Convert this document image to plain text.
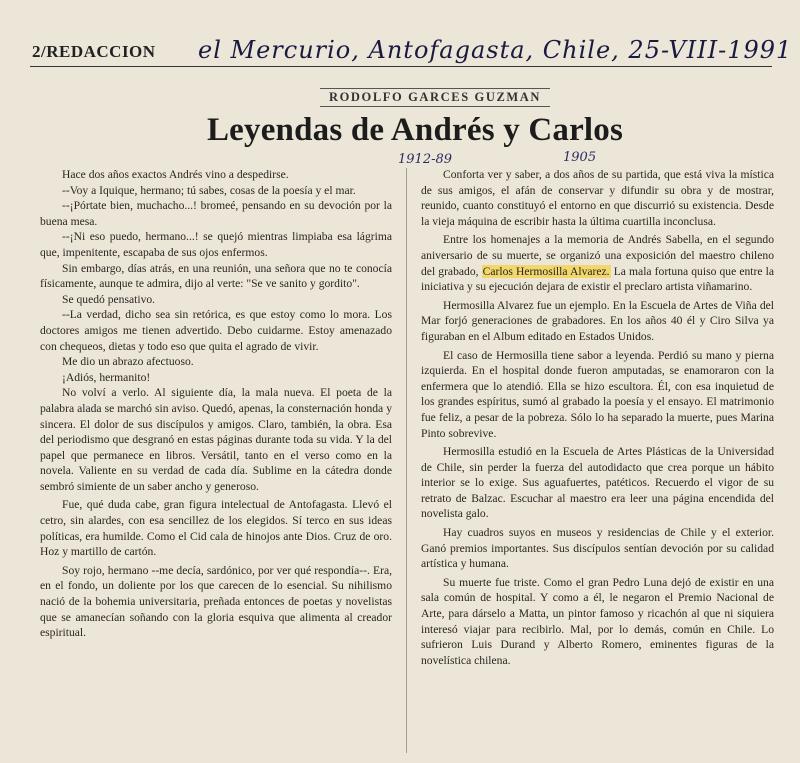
2/REDACCION el Mercurio, Antofagasta, Chile, 25-VIII-1991
RODOLFO GARCES GUZMAN
Leyendas de Andrés y Carlos
1912-89	1905

Hace dos años exactos Andrés vino a despedirse.

--Voy a Iquique, hermano; tú sabes, cosas de la poesía y el mar.

--¡Pórtate bien, muchacho...! bromeé, pensando en su devoción por la buena mesa.

--¡Ni eso puedo, hermano...! se quejó mientras limpiaba esa lágrima que, impenitente, escapaba de sus ojos enfermos.

Sin embargo, días atrás, en una reunión, una señora que no te conocía físicamente, aunque te admira, dijo al verte: "Se ve sanito y gordito".

Se quedó pensativo.

--La verdad, dicho sea sin retórica, es que estoy como lo mora. Los doctores amigos me tienen advertido. Debo cuidarme. Estoy amenazado con chequeos, dietas y todo eso que quita el agrado de vivir.

Me dio un abrazo afectuoso.

¡Adiós, hermanito!

No volví a verlo. Al siguiente día, la mala nueva. El poeta de la palabra alada se marchó sin aviso. Quedó, apenas, la consternación honda y sincera. El dolor de sus discípulos y amigos. Claro, también, la obra. Esa del periodismo que desgranó en estas páginas durante toda su vida. Y la del papel que permanece en libros. Versátil, tanto en el verso como en la novela. Valiente en su verdad de cada día. Sublime en la cátedra donde sembró simiente de un saber ancho y generoso.

Fue, qué duda cabe, gran figura intelectual de Antofagasta. Llevó el cetro, sin alardes, con esa sencillez de los elegidos. Sí terco en sus ideas políticas, era humilde. Como el Cid cala de hinojos ante Dios. Cruz de oro. Hoz y martillo de cartón.

Soy rojo, hermano --me decía, sardónico, por ver qué respondía--. Era, en el fondo, un doliente por los que carecen de lo esencial. Su nihilismo nació de la bohemia universitaria, preñada entonces de poetas y novelistas que se amanecían soñando con la gloria esquiva que alimenta al creador espiritual.

Conforta ver y saber, a dos años de su partida, que está viva la mística de sus amigos, el afán de conservar y difundir su obra y de mostrar, reunido, cuanto constituyó el entorno en que discurrió su existencia. Desde la vieja máquina de escribir hasta la última cuartilla inconclusa.

Entre los homenajes a la memoria de Andrés Sabella, en el segundo aniversario de su muerte, se organizó una exposición del maestro chileno del grabado, Carlos Hermosilla Alvarez. La mala fortuna quiso que entre la iniciativa y su ejecución dejara de existir el preclaro artista viñamarino.

Hermosilla Alvarez fue un ejemplo. En la Escuela de Artes de Viña del Mar forjó generaciones de grabadores. En los años 40 él y Ciro Silva ya figuraban en el Album editado en Estados Unidos.

El caso de Hermosilla tiene sabor a leyenda. Perdió su mano y pierna izquierda. En el hospital donde fueron amputadas, se enamoraron con la enfermera que lo atendió. Ella se hizo escultora. Él, con esa inquietud de los grandes espíritus, sumó al grabado la poesía y el ensayo. El matrimonio fue feliz, a pesar de la pobreza. Sólo lo ha separado la muerte, pues Marina Pinto sobrevive.

Hermosilla estudió en la Escuela de Artes Plásticas de la Universidad de Chile, sin perder la fuerza del autodidacto que crea porque un hábito interior se lo exige. Sus aguafuertes, patéticos. Recuerdo el vigor de su retrato de Balzac. Escuchar al maestro era leer una página encendida del novelista galo.

Hay cuadros suyos en museos y residencias de Chile y el exterior. Ganó premios importantes. Sus discípulos sentían devoción por su calidad artística y humana.

Su muerte fue triste. Como el gran Pedro Luna dejó de existir en una sala común de hospital. Y como a él, le negaron el Premio Nacional de Arte, para dárselo a Matta, un pintor famoso y ricachón al que ni siquiera interesó viajar para recibirlo. Mal, por lo demás, común en Chile. Lo sufrieron Luis Durand y Alberto Romero, eminentes figuras de la novelística chilena.
